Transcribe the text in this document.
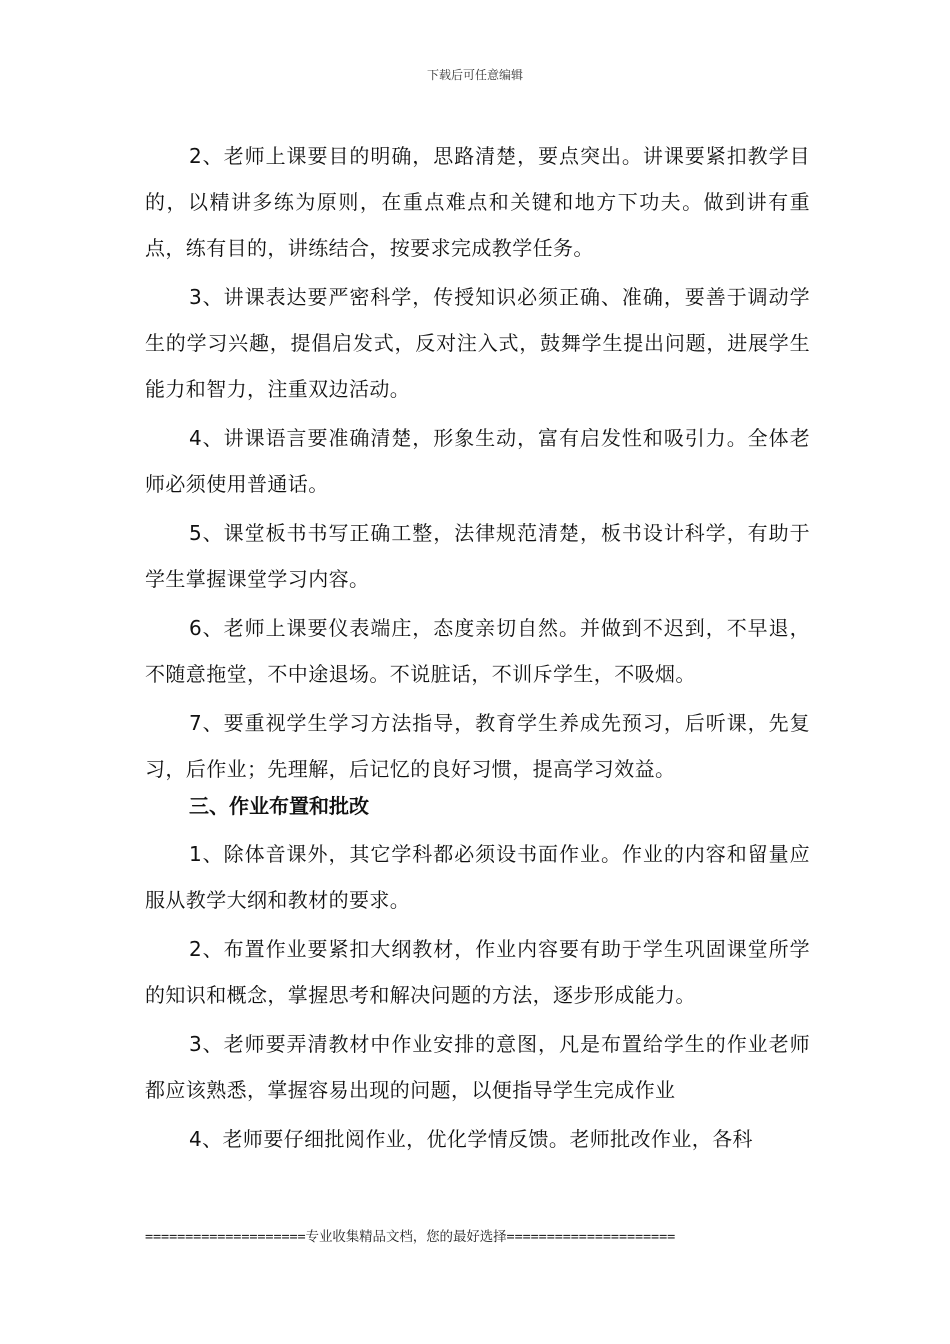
下载后可任意编辑

2、老师上课要目的明确，思路清楚，要点突出。讲课要紧扣教学目的，以精讲多练为原则，在重点难点和关键和地方下功夫。做到讲有重点，练有目的，讲练结合，按要求完成教学任务。

3、讲课表达要严密科学，传授知识必须正确、准确，要善于调动学生的学习兴趣，提倡启发式，反对注入式，鼓舞学生提出问题，进展学生能力和智力，注重双边活动。

4、讲课语言要准确清楚，形象生动，富有启发性和吸引力。全体老师必须使用普通话。

5、课堂板书书写正确工整，法律规范清楚，板书设计科学，有助于学生掌握课堂学习内容。

6、老师上课要仪表端庄，态度亲切自然。并做到不迟到，不早退，不随意拖堂，不中途退场。不说脏话，不训斥学生，不吸烟。

7、要重视学生学习方法指导，教育学生养成先预习，后听课，先复习，后作业；先理解，后记忆的良好习惯，提高学习效益。

三、作业布置和批改

1、除体音课外，其它学科都必须设书面作业。作业的内容和留量应服从教学大纲和教材的要求。

2、布置作业要紧扣大纲教材，作业内容要有助于学生巩固课堂所学的知识和概念，掌握思考和解决问题的方法，逐步形成能力。

3、老师要弄清教材中作业安排的意图，凡是布置给学生的作业老师都应该熟悉，掌握容易出现的问题，以便指导学生完成作业

4、老师要仔细批阅作业，优化学情反馈。老师批改作业，各科

====================专业收集精品文档，您的最好选择=====================
